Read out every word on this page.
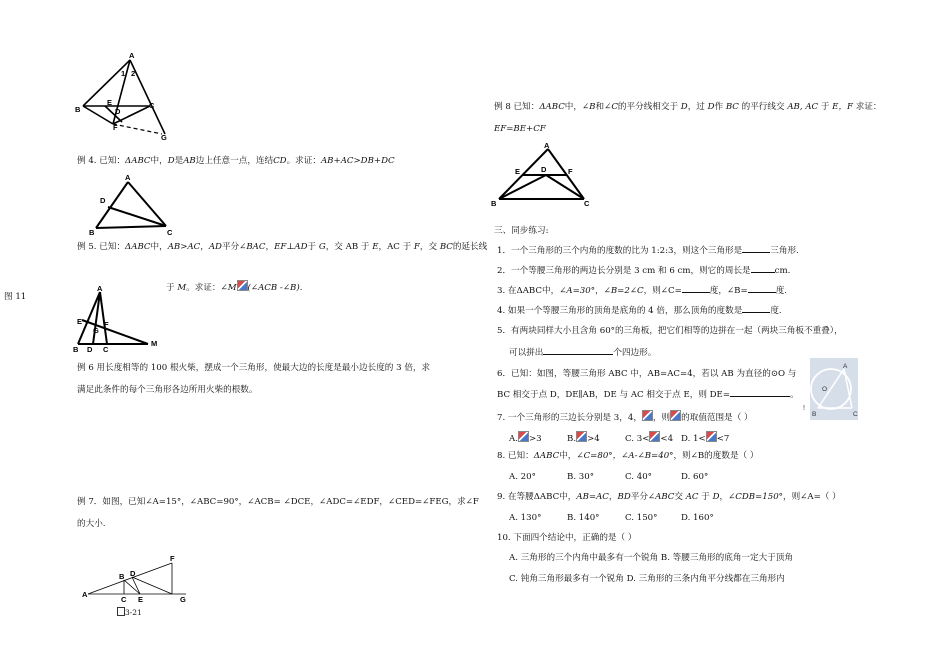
A
B	C
E
D
F
G
1 2
例 4. 已知：ΔABC中，D是AB边上任意一点，连结CD。求证：AB+AC>DB+DC
A
D
B	C
例 5. 已知：ΔABC中，AB>AC，AD平分∠BAC，EF⊥AD于 G，交 AB 于 E，AC 于 F，交 BC的延长线
于 M。求证：∠M (∠ACB -∠B).
图 11
A
E
G
F
M
B D C
例 6 用长度相等的 100 根火柴，摆成一个三角形，使最大边的长度是最小边长度的 3 倍，求
满足此条件的每个三角形各边所用火柴的根数。
例 7．如图，已知∠A=15°，∠ABC=90°，∠ACB= ∠DCE，∠ADC=∠EDF，∠CED=∠FEG，求∠F
的大小.
F
B D
A
C E	G
3-21
例 8 已知：ΔABC中，∠B和∠C的平分线相交于 D，过 D作 BC 的平行线交 AB, AC 于 E，F 求证：
EF=BE+CF
A
E	D	F
B	C
三、同步练习:
1．一个三角形的三个内角的度数的比为 1:2:3，则这个三角形是	三角形.
2．一个等腰三角形的两边长分别是 3 cm 和 6 cm，则它的周长是	cm.
3. 在ΔABC中，∠A=30°，∠B=2∠C，则∠C=	度，∠B=	度.
4. 如果一个等腰三角形的顶角是底角的 4 倍，那么顶角的度数是	度.
5．有两块同样大小且含角 60°的三角板，把它们相等的边拼在一起（两块三角板不重叠），
可以拼出	个四边形。
6．已知：如图，等腰三角形 ABC 中，AB=AC=4，若以 AB 为直径的⊙O 与
BC 相交于点 D，DE∥AB，DE 与 AC 相交于点 E，则 DE=	。
A
O
B	C
!
7. 一个三角形的三边长分别是 3，4， ，则 的取值范围是（ ）
A. >3	B. >4	C. 3< <4 D. 1< <7
8. 已知：ΔABC中，∠C=80°，∠A-∠B=40°，则∠B的度数是（ ）
A. 20°	B. 30°	C. 40°	D. 60°
9. 在等腰ΔABC中，AB=AC，BD平分∠ABC交 AC 于 D，∠CDB=150°，则∠A=（ ）
A. 130°	B. 140°	C. 150°	D. 160°
10. 下面四个结论中，正确的是（ ）
A. 三角形的三个内角中最多有一个锐角 B. 等腰三角形的底角一定大于顶角
C. 钝角三角形最多有一个锐角 D. 三角形的三条内角平分线都在三角形内
